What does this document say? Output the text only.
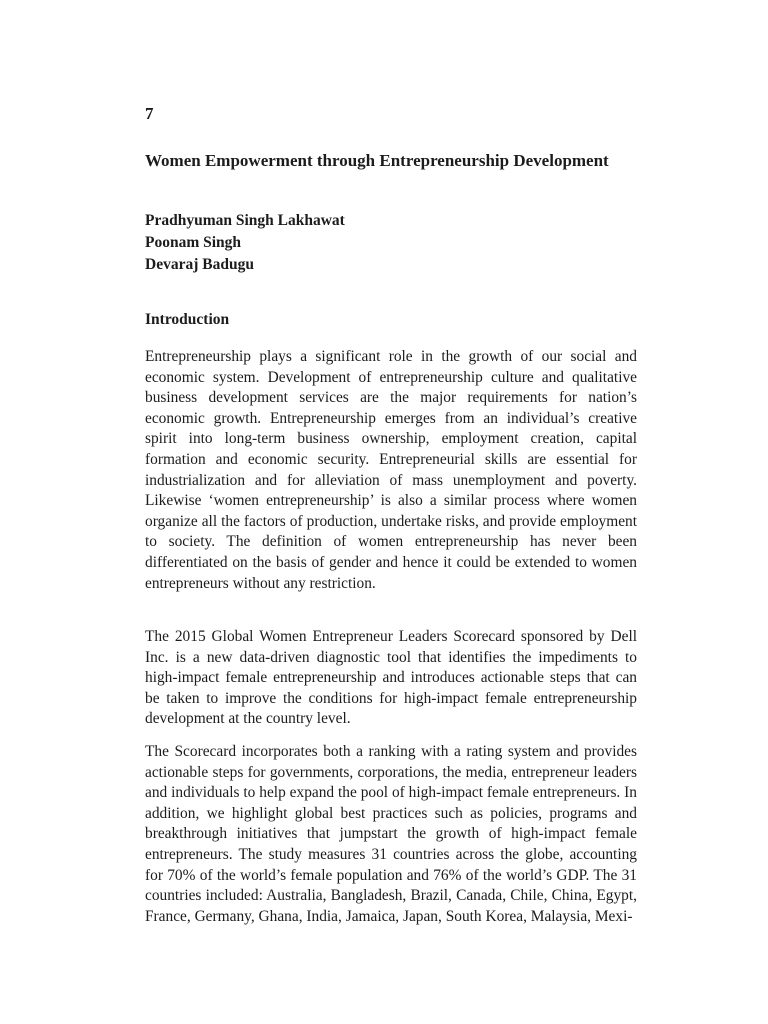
7
Women Empowerment through Entrepreneurship Development
Pradhyuman Singh Lakhawat
Poonam Singh
Devaraj Badugu
Introduction

Entrepreneurship plays a significant role in the growth of our social and economic system. Development of entrepreneurship culture and qualitative business development services are the major requirements for nation’s economic growth. Entrepreneurship emerges from an individual’s creative spirit into long-term business ownership, employment creation, capital formation and economic security. Entrepreneurial skills are essential for industrialization and for alleviation of mass unemployment and poverty. Likewise ‘women entrepreneurship’ is also a similar process where women organize all the factors of production, undertake risks, and provide employment to society. The definition of women entrepreneurship has never been differentiated on the basis of gender and hence it could be extended to women entrepreneurs without any restriction.

The 2015 Global Women Entrepreneur Leaders Scorecard sponsored by Dell Inc. is a new data-driven diagnostic tool that identifies the impediments to high-impact female entrepreneurship and introduces actionable steps that can be taken to improve the conditions for high-impact female entrepreneurship development at the country level.

The Scorecard incorporates both a ranking with a rating system and provides actionable steps for governments, corporations, the media, entrepreneur leaders and individuals to help expand the pool of high-impact female entrepreneurs. In addition, we highlight global best practices such as policies, programs and breakthrough initiatives that jumpstart the growth of high-impact female entrepreneurs. The study measures 31 countries across the globe, accounting for 70% of the world’s female population and 76% of the world’s GDP. The 31 countries included: Australia, Bangladesh, Brazil, Canada, Chile, China, Egypt, France, Germany, Ghana, India, Jamaica, Japan, South Korea, Malaysia, Mexi-
